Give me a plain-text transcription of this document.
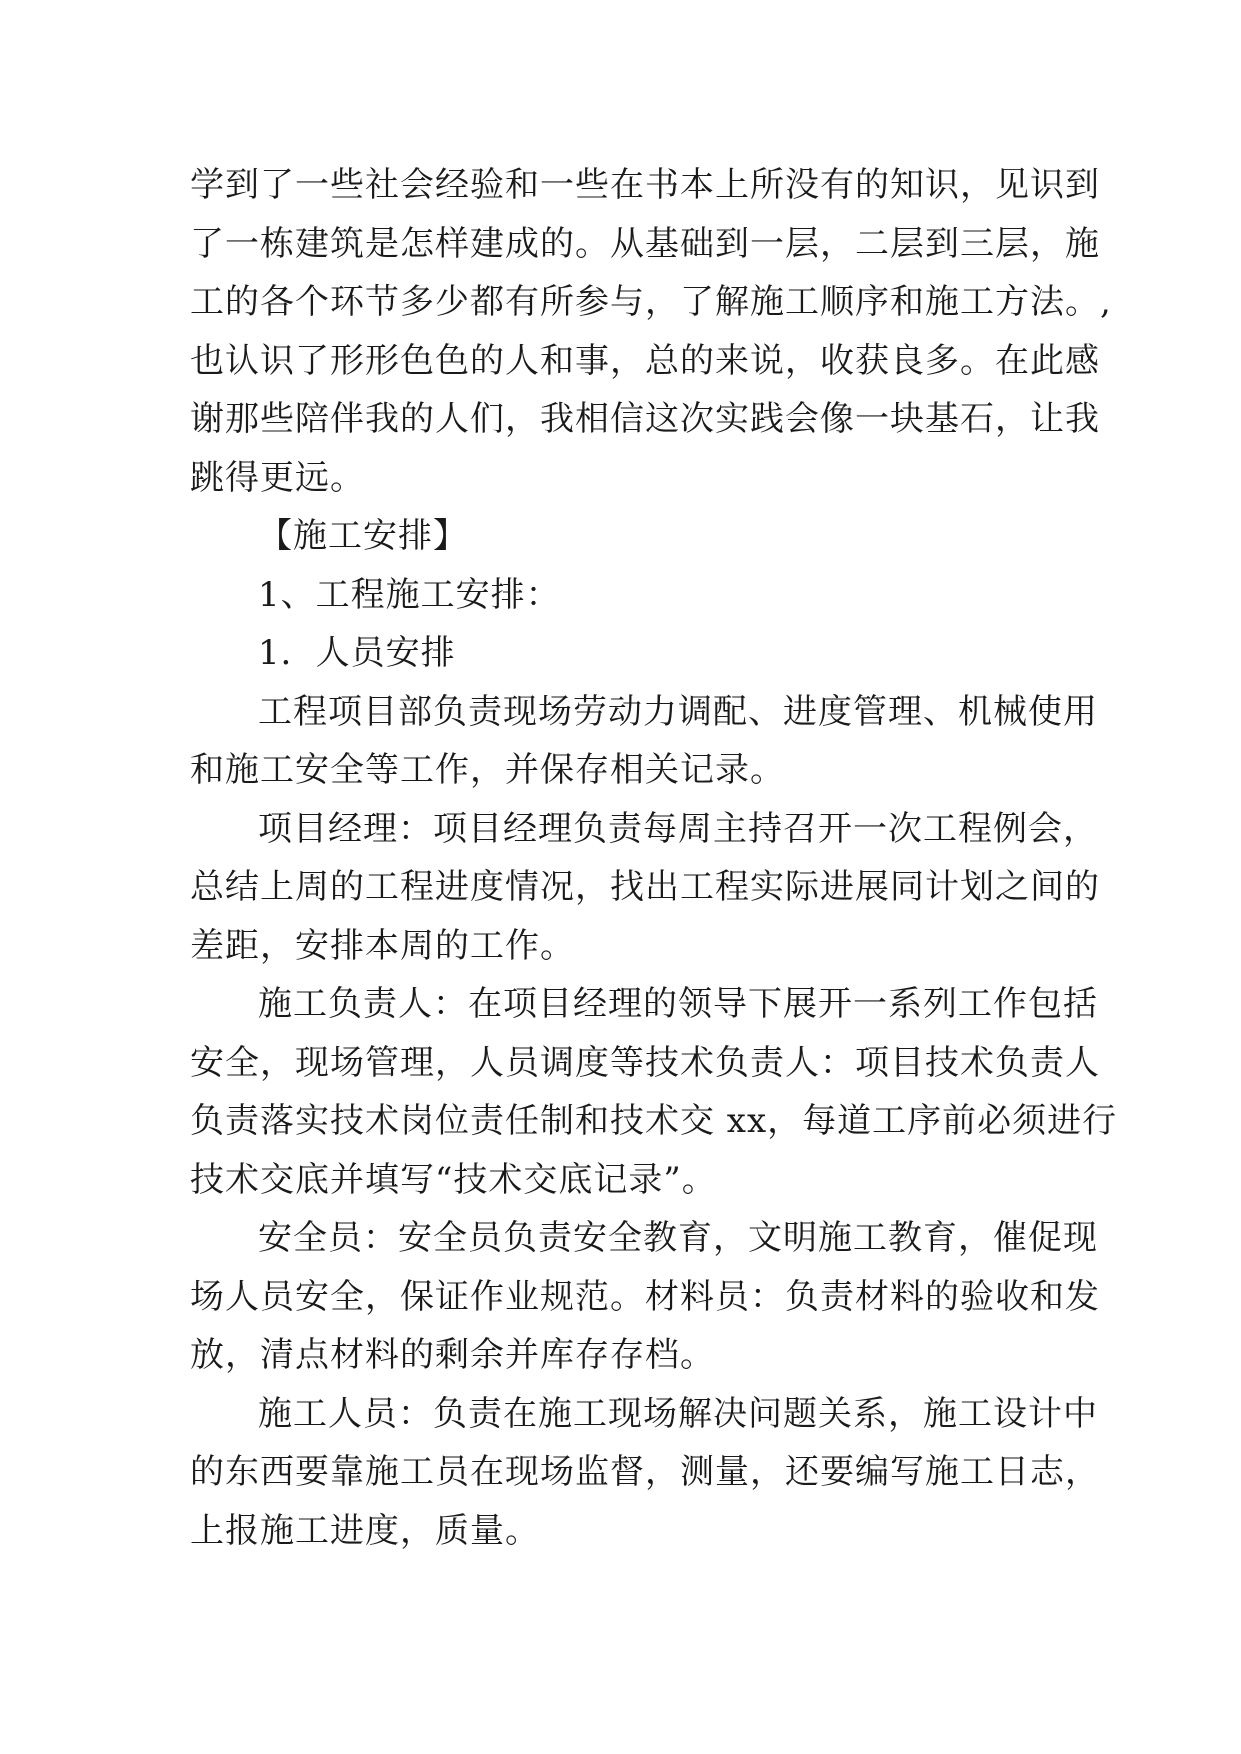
学到了一些社会经验和一些在书本上所没有的知识，见识到
了一栋建筑是怎样建成的。从基础到一层，二层到三层，施
工的各个环节多少都有所参与，了解施工顺序和施工方法。,
也认识了形形色色的人和事，总的来说，收获良多。在此感
谢那些陪伴我的人们，我相信这次实践会像一块基石，让我
跳得更远。
【施工安排】
1、工程施工安排：
1．人员安排
工程项目部负责现场劳动力调配、进度管理、机械使用
和施工安全等工作，并保存相关记录。
项目经理：项目经理负责每周主持召开一次工程例会，
总结上周的工程进度情况，找出工程实际进展同计划之间的
差距，安排本周的工作。
施工负责人：在项目经理的领导下展开一系列工作包括
安全，现场管理，人员调度等技术负责人：项目技术负责人
负责落实技术岗位责任制和技术交 xx，每道工序前必须进行
技术交底并填写“技术交底记录”。
安全员：安全员负责安全教育，文明施工教育，催促现
场人员安全，保证作业规范。材料员：负责材料的验收和发
放，清点材料的剩余并库存存档。
施工人员：负责在施工现场解决问题关系，施工设计中
的东西要靠施工员在现场监督，测量，还要编写施工日志，
上报施工进度，质量。
